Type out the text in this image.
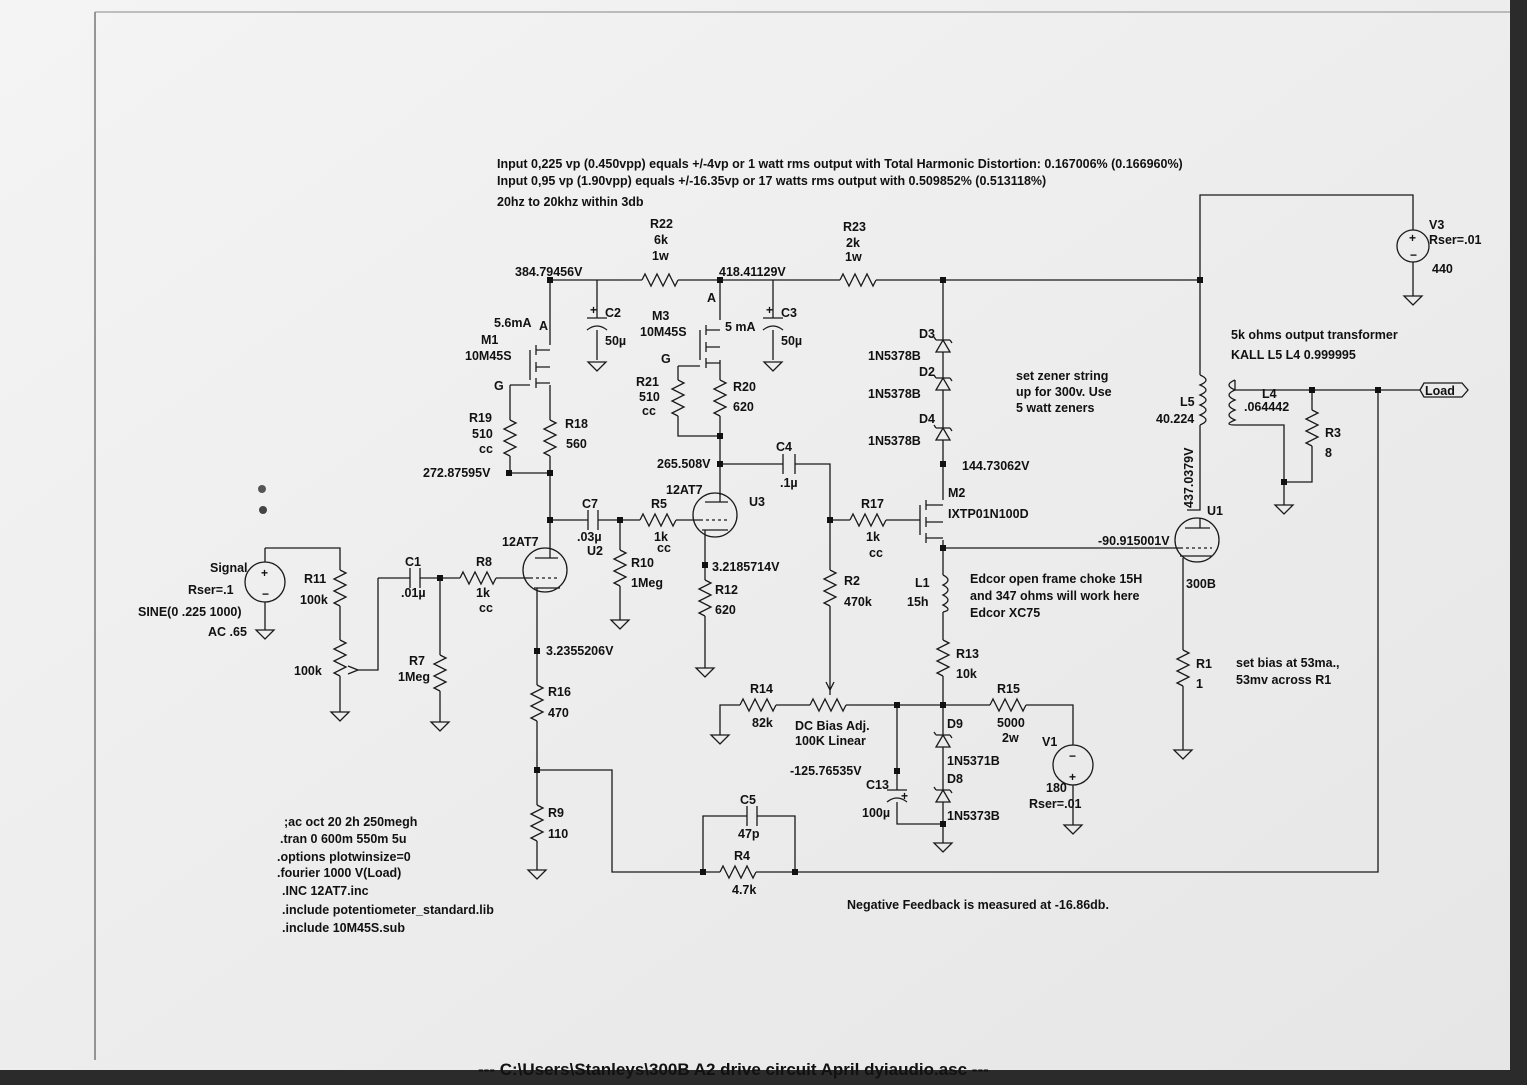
Input 0,225 vp (0.450vpp) equals +/-4vp or 1 watt rms output with Total Harmonic Distortion: 0.167006% (0.166960%)
Input 0,95 vp (1.90vpp) equals +/-16.35vp or 17 watts rms output with 0.509852% (0.513118%)
20hz to 20khz within 3db
R22
6k
1w
R23
2k
1w
R19
510
cc
R18
560
R21
510
cc
R20
620
R5
1k
cc
R10
1Meg
R17
1k
cc
R11
100k
100k
R8
1k
cc
R7
1Meg
R12
620
R2
470k
R13
10k
R16
470
R14
82k DC Bias Adj.
100K Linear
R15
5000
2w
R9
110
R4
4.7k
R3
8
R1
1
+ C2
50µ
+ C3
50µ
C4
.1µ
C7
.03µ
U2
C1
.01µ
C5
47p
+
C13
100µ
5.6mA A
M1
10M45S
G
A
M3
10M45S	5 mA
G
M2
IXTP01N100D
12AT7
U3
12AT7
U1
300B
D3
1N5378B
D2
1N5378B
D4
1N5378B
D9
1N5371B
D8
1N5373B
L1
15h
L5
40.224
L4
.064442
+
−
Signal
Rser=.1
SINE(0 .225 1000)
AC .65
+
−
V3
Rser=.01
440
−
+
V1
180
Rser=.01
Load
384.79456V	418.41129V
272.87595V
265.508V	144.73062V
3.2185714V
3.2355206V
-90.915001V
437.0379V
-125.76535V
5k ohms output transformer
KALL L5 L4 0.999995
set zener string
up for 300v. Use
5 watt zeners
Edcor open frame choke 15H
and 347 ohms will work here
Edcor XC75
set bias at 53ma.,
53mv across R1
Negative Feedback is measured at -16.86db.
;ac oct 20 2h 250megh
.tran 0 600m 550m 5u
.options plotwinsize=0
.fourier 1000 V(Load)
.INC 12AT7.inc
.include potentiometer_standard.lib
.include 10M45S.sub
--- C:\Users\Stanleys\300B A2 drive circuit April dyiaudio.asc ---
